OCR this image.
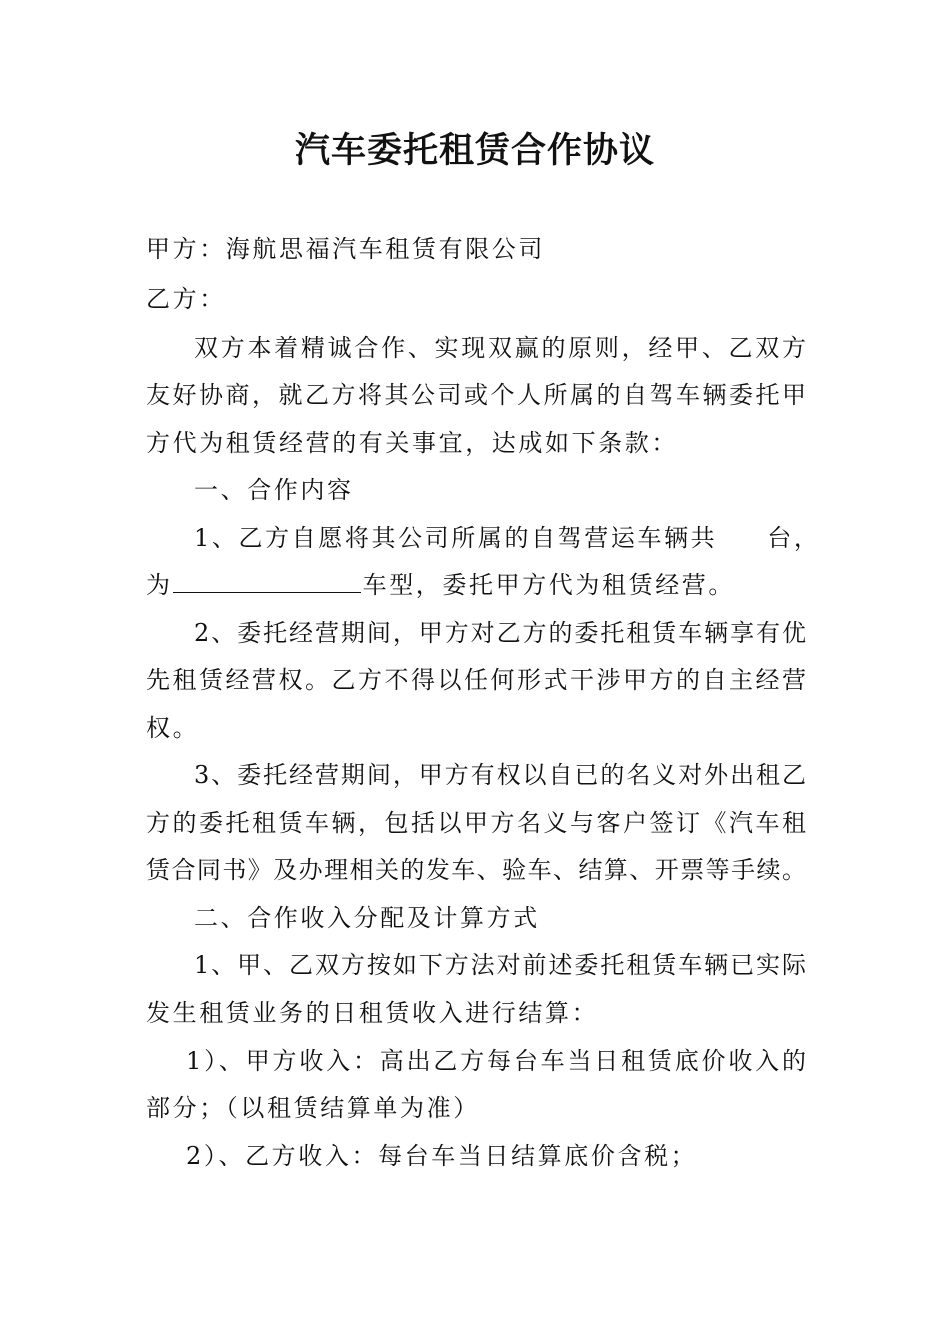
汽车委托租赁合作协议
甲方：海航思福汽车租赁有限公司
乙方：
双方本着精诚合作、实现双赢的原则，经甲、乙双方
友好协商，就乙方将其公司或个人所属的自驾车辆委托甲
方代为租赁经营的有关事宜，达成如下条款：
一、合作内容
1、乙方自愿将其公司所属的自驾营运车辆共 台，
为	车型，委托甲方代为租赁经营。
2、委托经营期间，甲方对乙方的委托租赁车辆享有优
先租赁经营权。乙方不得以任何形式干涉甲方的自主经营
权。
3、委托经营期间，甲方有权以自已的名义对外出租乙
方的委托租赁车辆，包括以甲方名义与客户签订《汽车租
赁合同书》及办理相关的发车、验车、结算、开票等手续。
二、合作收入分配及计算方式
1、甲、乙双方按如下方法对前述委托租赁车辆已实际
发生租赁业务的日租赁收入进行结算：
1）、甲方收入：高出乙方每台车当日租赁底价收入的
部分；（以租赁结算单为准）
2）、乙方收入：每台车当日结算底价含税；
